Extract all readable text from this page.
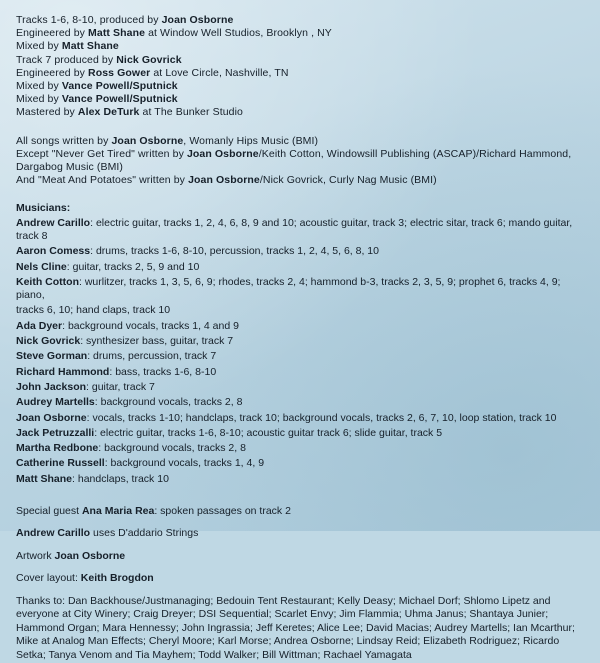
Tracks 1-6, 8-10, produced by Joan Osborne
Engineered by Matt Shane at Window Well Studios, Brooklyn , NY
Mixed by Matt Shane
Track 7 produced by Nick Govrick
Engineered by Ross Gower at Love Circle, Nashville, TN
Mixed by Vance Powell/Sputnick
Mixed by Vance Powell/Sputnick
Mastered by Alex DeTurk at The Bunker Studio
All songs written by Joan Osborne, Womanly Hips Music (BMI)
Except "Never Get Tired" written by Joan Osborne/Keith Cotton, Windowsill Publishing (ASCAP)/Richard Hammond,
Dargabog Music (BMI)
And "Meat And Potatoes" written by Joan Osborne/Nick Govrick, Curly Nag Music (BMI)
Musicians:
Andrew Carillo: electric guitar, tracks 1, 2, 4, 6, 8, 9 and 10; acoustic guitar, track 3; electric sitar, track 6; mando guitar, track 8
Aaron Comess: drums, tracks 1-6, 8-10, percussion, tracks 1, 2, 4, 5, 6, 8, 10
Nels Cline: guitar, tracks 2, 5, 9 and 10
Keith Cotton: wurlitzer, tracks 1, 3, 5, 6, 9; rhodes, tracks 2, 4; hammond b-3, tracks 2, 3, 5, 9; prophet 6, tracks 4, 9; piano,
tracks 6, 10; hand claps, track 10
Ada Dyer: background vocals, tracks 1, 4 and 9
Nick Govrick: synthesizer bass, guitar, track 7
Steve Gorman: drums, percussion, track 7
Richard Hammond: bass, tracks 1-6, 8-10
John Jackson: guitar, track 7
Audrey Martells: background vocals, tracks 2, 8
Joan Osborne: vocals, tracks 1-10; handclaps, track 10; background vocals, tracks 2, 6, 7, 10, loop station, track 10
Jack Petruzzalli: electric guitar, tracks 1-6, 8-10; acoustic guitar track 6; slide guitar, track 5
Martha Redbone: background vocals, tracks 2, 8
Catherine Russell: background vocals, tracks 1, 4, 9
Matt Shane: handclaps, track 10
Special guest Ana Maria Rea: spoken passages on track 2
Andrew Carillo uses D'addario Strings
Artwork Joan Osborne
Cover layout: Keith Brogdon
Thanks to: Dan Backhouse/Justmanaging; Bedouin Tent Restaurant; Kelly Deasy; Michael Dorf; Shlomo Lipetz and everyone at City Winery; Craig Dreyer; DSI Sequential; Scarlet Envy; Jim Flammia; Uhma Janus; Shantaya Junier; Hammond Organ; Mara Hennessy; John Ingrassia; Jeff Keretes; Alice Lee; David Macias; Audrey Martells; Ian Mcarthur; Mike at Analog Man Effects; Cheryl Moore; Karl Morse; Andrea Osborne; Lindsay Reid; Elizabeth Rodriguez; Ricardo Setka; Tanya Venom and Tia Mayhem; Todd Walker; Bill Wittman; Rachael Yamagata
